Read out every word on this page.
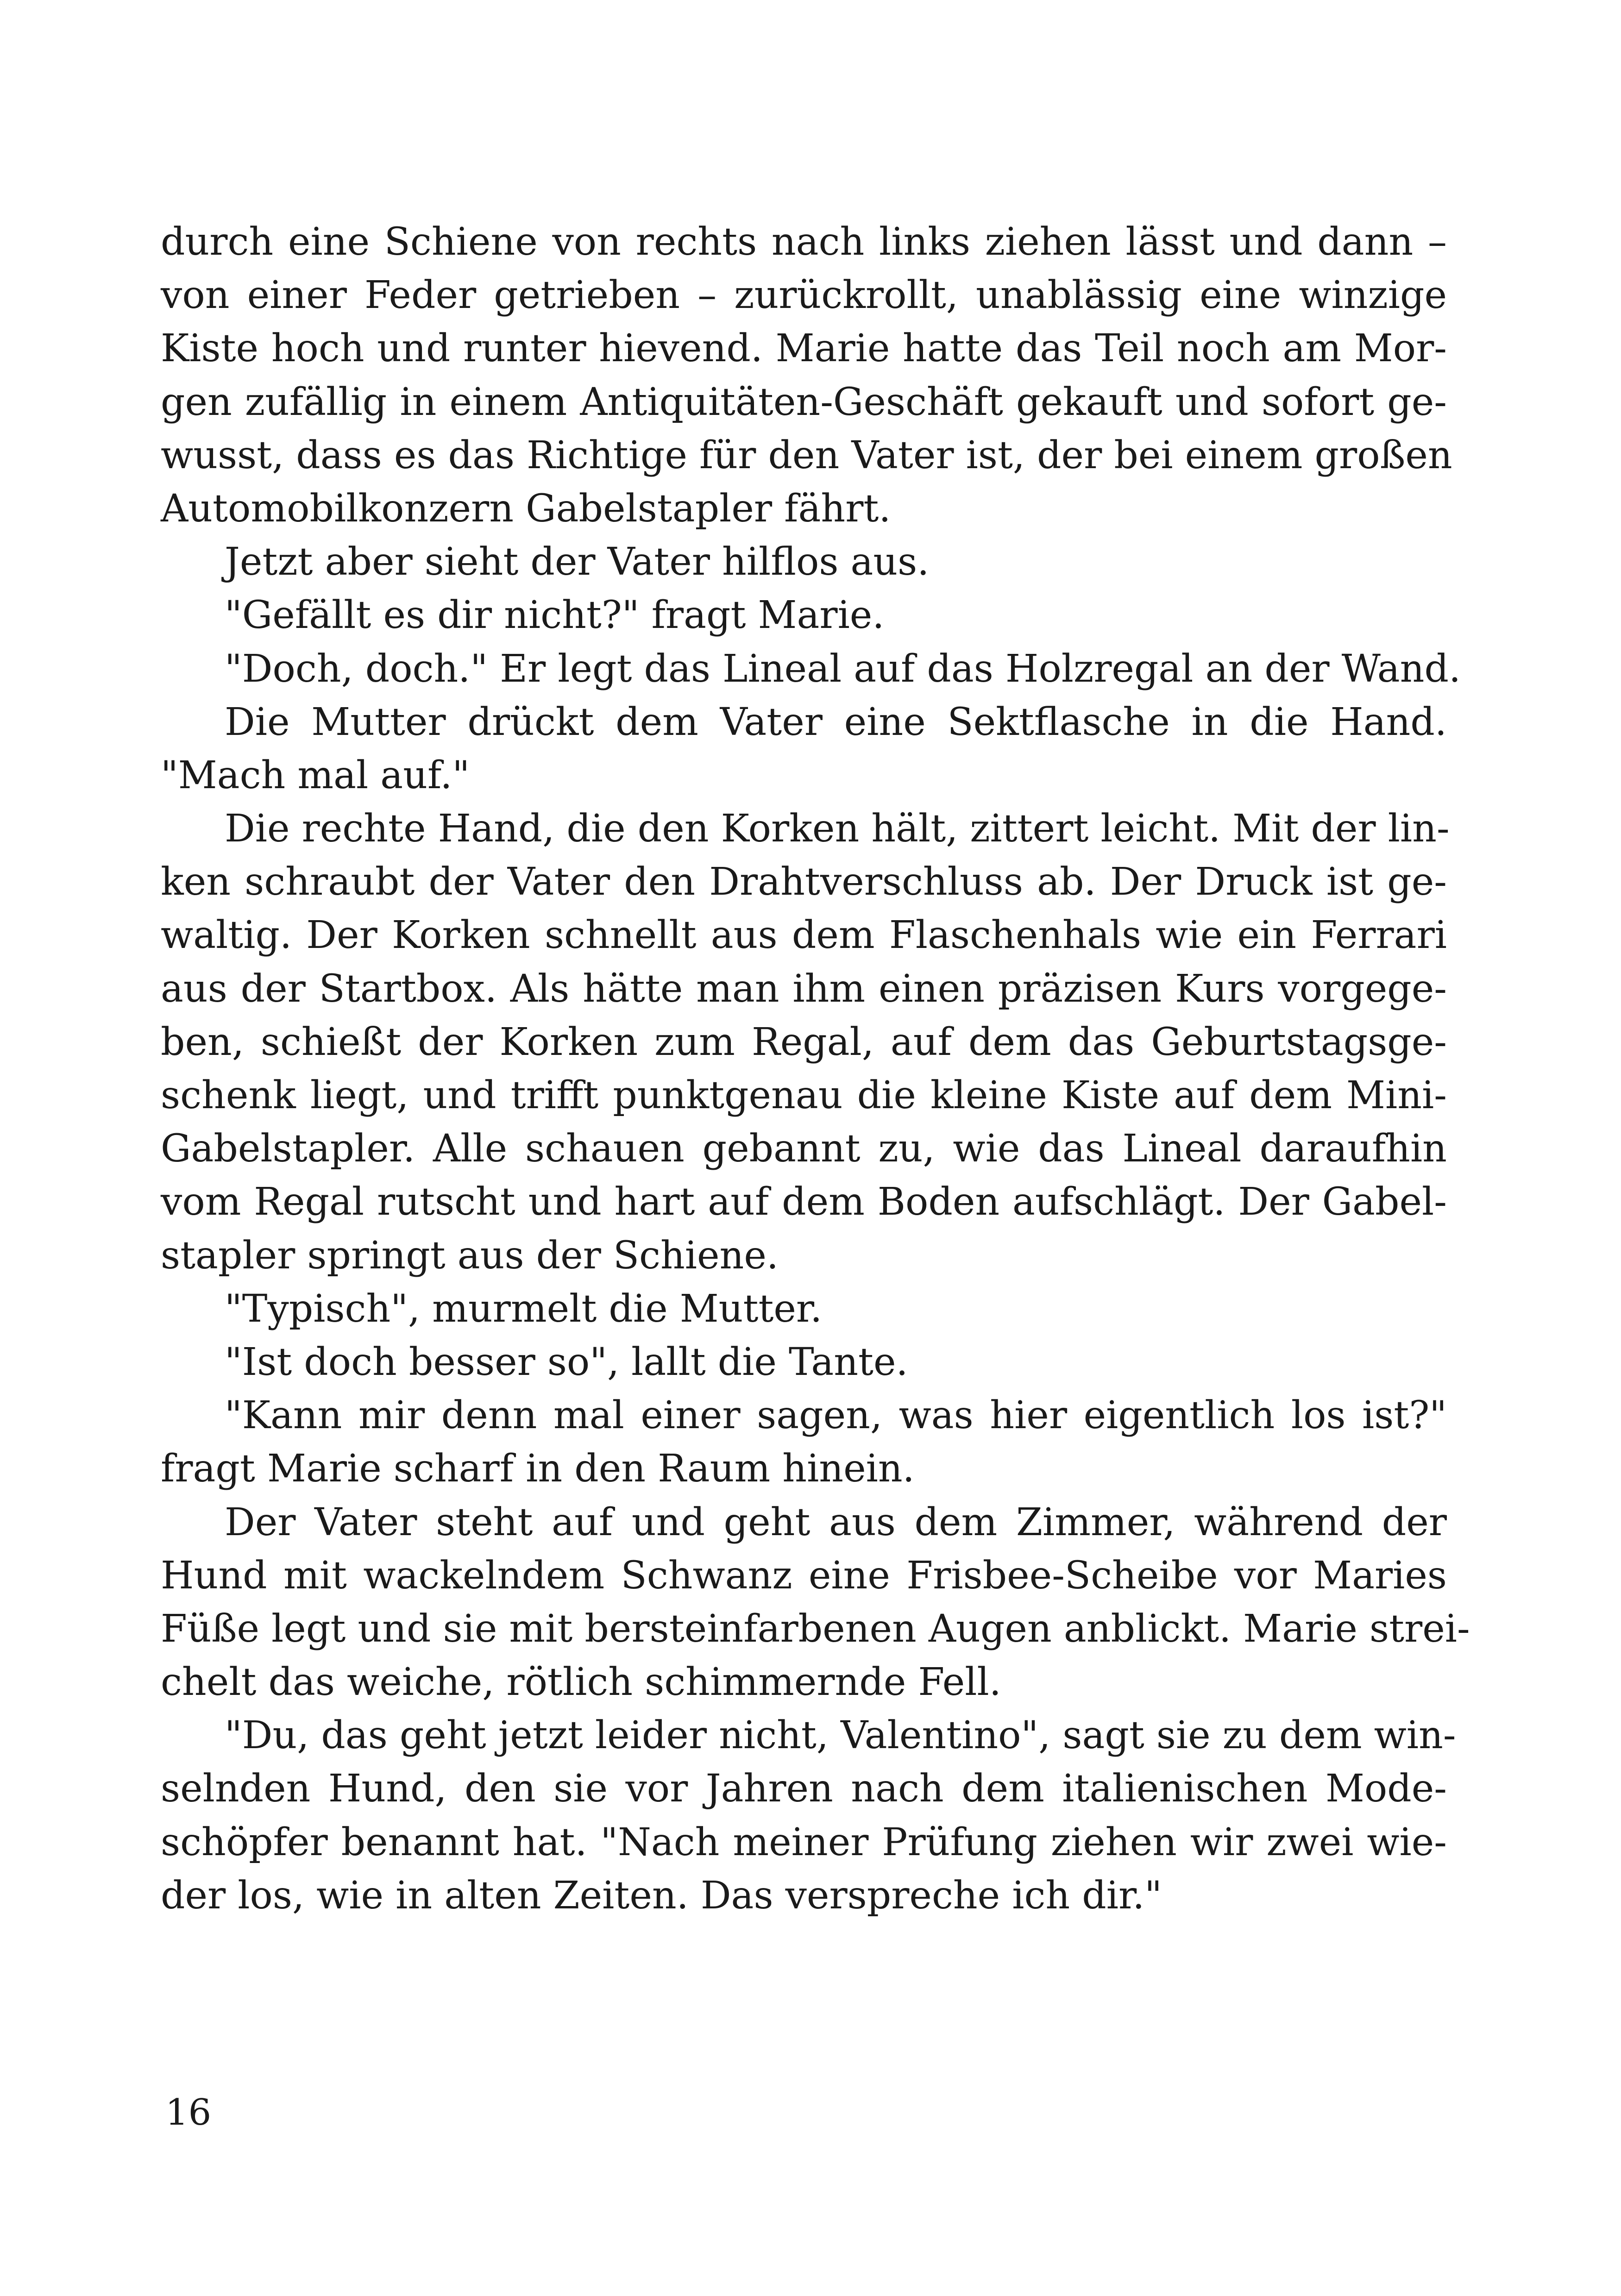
durch eine Schiene von rechts nach links ziehen lässt und dann –
von einer Feder getrieben – zurückrollt, unablässig eine winzige
Kiste hoch und runter hievend. Marie hatte das Teil noch am Mor-
gen zufällig in einem Antiquitäten-Geschäft gekauft und sofort ge-
wusst, dass es das Richtige für den Vater ist, der bei einem großen
Automobilkonzern Gabelstapler fährt.
Jetzt aber sieht der Vater hilflos aus.
"Gefällt es dir nicht?" fragt Marie.
"Doch, doch." Er legt das Lineal auf das Holzregal an der Wand.
Die Mutter drückt dem Vater eine Sektflasche in die Hand.
"Mach mal auf."
Die rechte Hand, die den Korken hält, zittert leicht. Mit der lin-
ken schraubt der Vater den Drahtverschluss ab. Der Druck ist ge-
waltig. Der Korken schnellt aus dem Flaschenhals wie ein Ferrari
aus der Startbox. Als hätte man ihm einen präzisen Kurs vorgege-
ben, schießt der Korken zum Regal, auf dem das Geburtstagsge-
schenk liegt, und trifft punktgenau die kleine Kiste auf dem Mini-
Gabelstapler. Alle schauen gebannt zu, wie das Lineal daraufhin
vom Regal rutscht und hart auf dem Boden aufschlägt. Der Gabel-
stapler springt aus der Schiene.
"Typisch", murmelt die Mutter.
"Ist doch besser so", lallt die Tante.
"Kann mir denn mal einer sagen, was hier eigentlich los ist?"
fragt Marie scharf in den Raum hinein.
Der Vater steht auf und geht aus dem Zimmer, während der
Hund mit wackelndem Schwanz eine Frisbee-Scheibe vor Maries
Füße legt und sie mit bersteinfarbenen Augen anblickt. Marie strei-
chelt das weiche, rötlich schimmernde Fell.
"Du, das geht jetzt leider nicht, Valentino", sagt sie zu dem win-
selnden Hund, den sie vor Jahren nach dem italienischen Mode-
schöpfer benannt hat. "Nach meiner Prüfung ziehen wir zwei wie-
der los, wie in alten Zeiten. Das verspreche ich dir."
16
